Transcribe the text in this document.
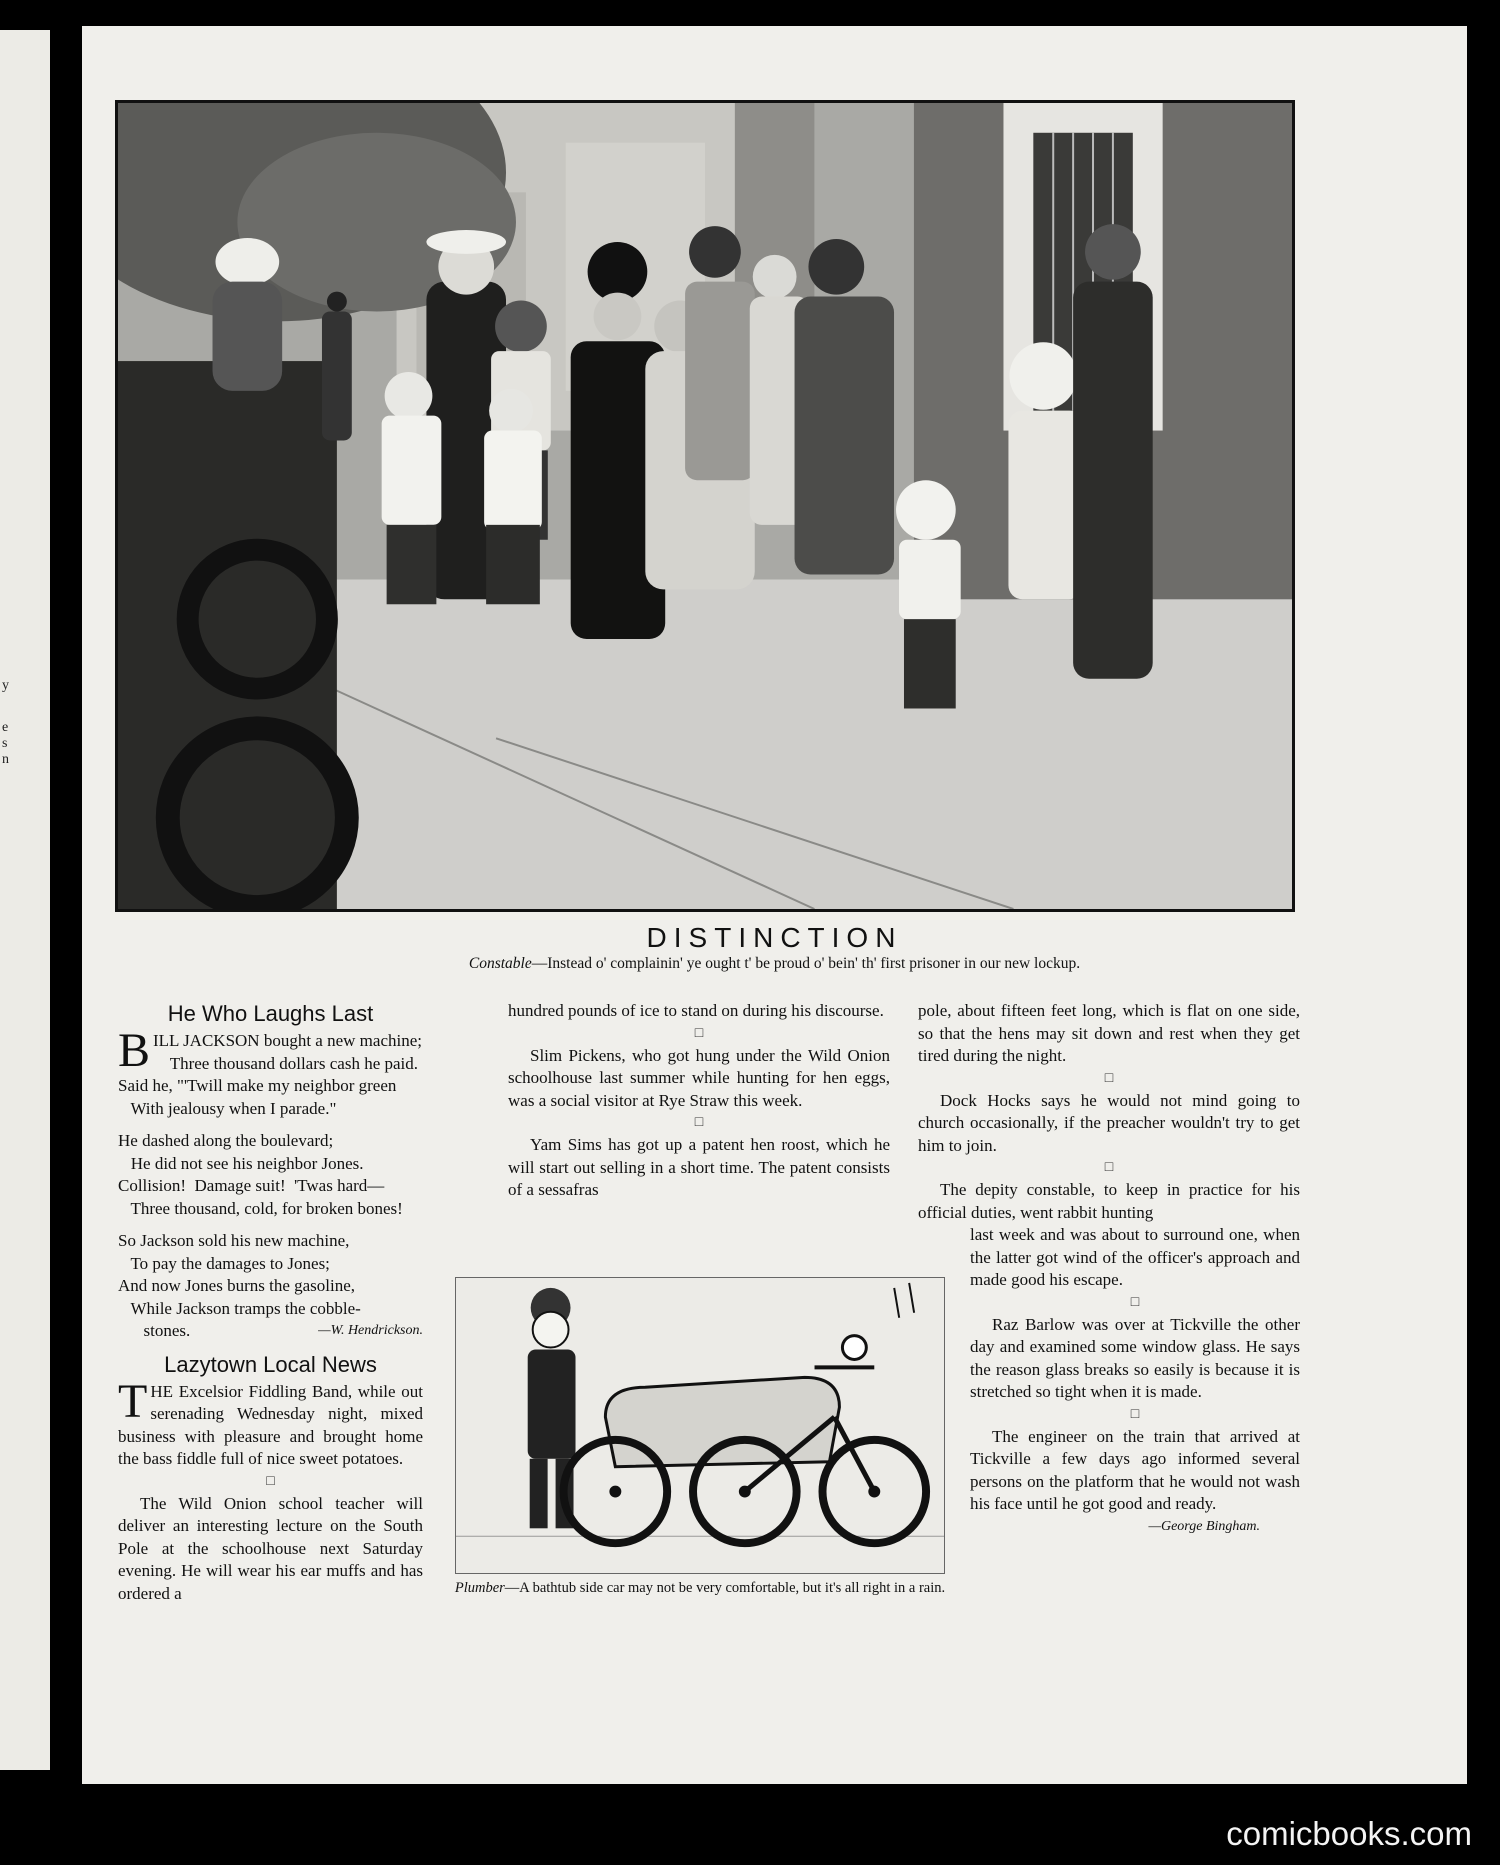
y
e
s
n
DISTINCTION
Constable—Instead o' complainin' ye ought t' be proud o' bein' th' first prisoner in our new lockup.
He Who Laughs Last
B ILL JACKSON bought a new machine;
Three thousand dollars cash he paid.
Said he, "'Twill make my neighbor green
With jealousy when I parade."
He dashed along the boulevard;
He did not see his neighbor Jones.
Collision!  Damage suit!  'Twas hard—
Three thousand, cold, for broken bones!
So Jackson sold his new machine,
To pay the damages to Jones;
And now Jones burns the gasoline,
While Jackson tramps the cobble-
stones.	—W. Hendrickson.
Lazytown Local News
THE Excelsior Fiddling Band, while out serenading Wednesday night, mixed business with pleasure and brought home the bass fiddle full of nice sweet potatoes.
□
The Wild Onion school teacher will deliver an interesting lecture on the South Pole at the schoolhouse next Saturday evening. He will wear his ear muffs and has ordered a
hundred pounds of ice to stand on during his discourse.
□
Slim Pickens, who got hung under the Wild Onion schoolhouse last summer while hunting for hen eggs, was a social visitor at Rye Straw this week.
□
Yam Sims has got up a patent hen roost, which he will start out selling in a short time. The patent consists of a sessafras
Plumber—A bathtub side car may not be very comfortable, but it's all right in a rain.
pole, about fifteen feet long, which is flat on one side, so that the hens may sit down and rest when they get tired during the night.
□
Dock Hocks says he would not mind going to church occasionally, if the preacher wouldn't try to get him to join.
□
The depity constable, to keep in practice for his official duties, went rabbit hunting
last week and was about to surround one, when the latter got wind of the officer's approach and made good his escape.
□
Raz Barlow was over at Tickville the other day and examined some window glass. He says the reason glass breaks so easily is because it is stretched so tight when it is made.
□
The engineer on the train that arrived at Tickville a few days ago informed several persons on the platform that he would not wash his face until he got good and ready.
—George Bingham.
comicbooks.com
